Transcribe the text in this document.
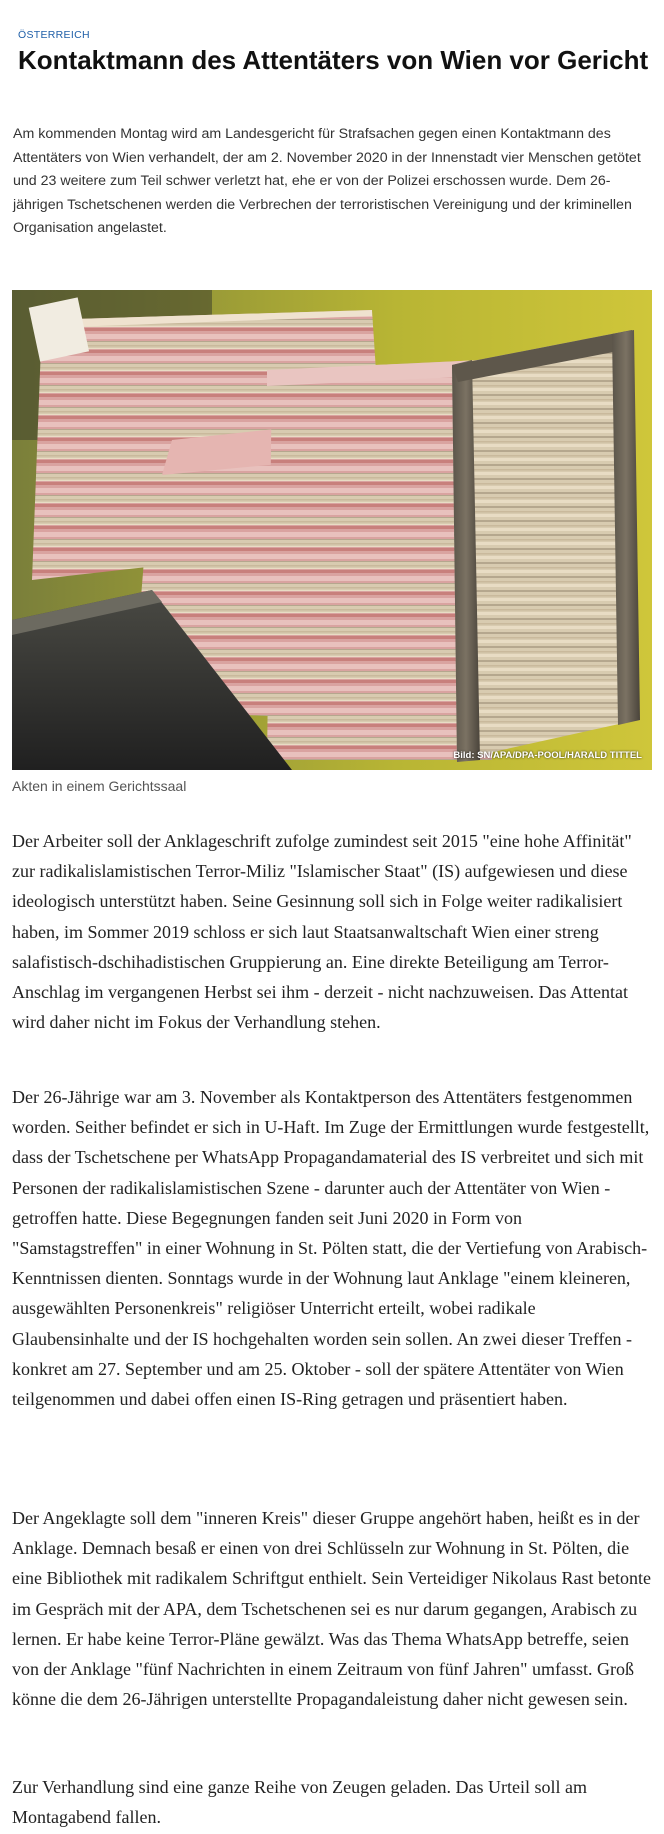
ÖSTERREICH
Kontaktmann des Attentäters von Wien vor Gericht

Am kommenden Montag wird am Landesgericht für Strafsachen gegen einen Kontaktmann des Attentäters von Wien verhandelt, der am 2. November 2020 in der Innenstadt vier Menschen getötet und 23 weitere zum Teil schwer verletzt hat, ehe er von der Polizei erschossen wurde. Dem 26-jährigen Tschetschenen werden die Verbrechen der terroristischen Vereinigung und der kriminellen Organisation angelastet.

Bild: SN/APA/DPA-POOL/HARALD TITTEL
Akten in einem Gerichtssaal

Der Arbeiter soll der Anklageschrift zufolge zumindest seit 2015 "eine hohe Affinität" zur radikalislamistischen Terror-Miliz "Islamischer Staat" (IS) aufgewiesen und diese ideologisch unterstützt haben. Seine Gesinnung soll sich in Folge weiter radikalisiert haben, im Sommer 2019 schloss er sich laut Staatsanwaltschaft Wien einer streng salafistisch-dschihadistischen Gruppierung an. Eine direkte Beteiligung am Terror-Anschlag im vergangenen Herbst sei ihm - derzeit - nicht nachzuweisen. Das Attentat wird daher nicht im Fokus der Verhandlung stehen.

Der 26-Jährige war am 3. November als Kontaktperson des Attentäters festgenommen worden. Seither befindet er sich in U-Haft. Im Zuge der Ermittlungen wurde festgestellt, dass der Tschetschene per WhatsApp Propagandamaterial des IS verbreitet und sich mit Personen der radikalislamistischen Szene - darunter auch der Attentäter von Wien - getroffen hatte. Diese Begegnungen fanden seit Juni 2020 in Form von "Samstagstreffen" in einer Wohnung in St. Pölten statt, die der Vertiefung von Arabisch-Kenntnissen dienten. Sonntags wurde in der Wohnung laut Anklage "einem kleineren, ausgewählten Personenkreis" religiöser Unterricht erteilt, wobei radikale Glaubensinhalte und der IS hochgehalten worden sein sollen. An zwei dieser Treffen - konkret am 27. September und am 25. Oktober - soll der spätere Attentäter von Wien teilgenommen und dabei offen einen IS-Ring getragen und präsentiert haben.

Der Angeklagte soll dem "inneren Kreis" dieser Gruppe angehört haben, heißt es in der Anklage. Demnach besaß er einen von drei Schlüsseln zur Wohnung in St. Pölten, die eine Bibliothek mit radikalem Schriftgut enthielt. Sein Verteidiger Nikolaus Rast betonte im Gespräch mit der APA, dem Tschetschenen sei es nur darum gegangen, Arabisch zu lernen. Er habe keine Terror-Pläne gewälzt. Was das Thema WhatsApp betreffe, seien von der Anklage "fünf Nachrichten in einem Zeitraum von fünf Jahren" umfasst. Groß könne die dem 26-Jährigen unterstellte Propagandaleistung daher nicht gewesen sein.

Zur Verhandlung sind eine ganze Reihe von Zeugen geladen. Das Urteil soll am Montagabend fallen.
